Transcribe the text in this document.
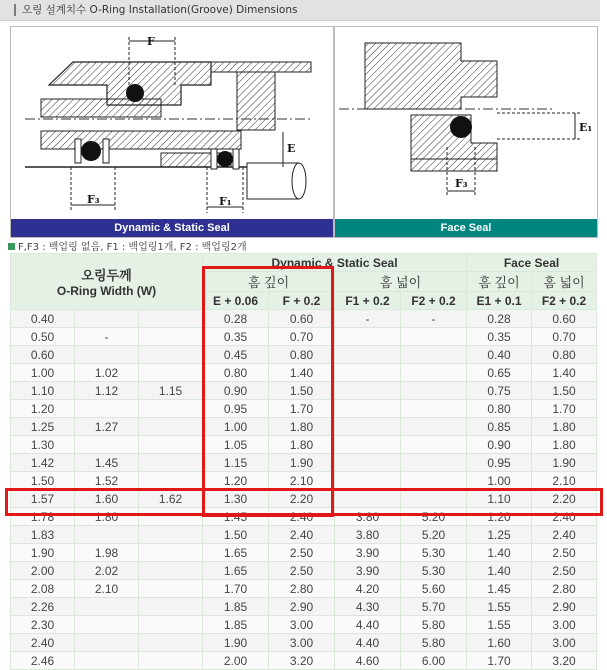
오링 설계치수 O-Ring Installation(Groove) Dimensions
F
E
F₃	F₁
Dynamic & Static Seal
E₁
F₃
Face Seal
F,F3 : 백업링 없음, F1 : 백업링1개, F2 : 백업링2개
오링두께
O-Ring Width (W)			Dynamic & Static Seal				Face Seal	
			홈 깊이		홈 넓이		홈 깊이	홈 넓이
			E + 0.06	F + 0.2	F1 + 0.2	F2 + 0.2	E1 + 0.1	F2 + 0.2
0.40			0.28	0.60	-	-	0.28	0.60
0.50	-		0.35	0.70			0.35	0.70
0.60			0.45	0.80			0.40	0.80
1.00	1.02		0.80	1.40			0.65	1.40
1.10	1.12	1.15	0.90	1.50			0.75	1.50
1.20			0.95	1.70			0.80	1.70
1.25	1.27		1.00	1.80			0.85	1.80
1.30			1.05	1.80			0.90	1.80
1.42	1.45		1.15	1.90			0.95	1.90
1.50	1.52		1.20	2.10			1.00	2.10
1.57	1.60	1.62	1.30	2.20			1.10	2.20
1.78	1.80		1.45	2.40	3.80	5.20	1.20	2.40
1.83			1.50	2.40	3.80	5.20	1.25	2.40
1.90	1.98		1.65	2.50	3.90	5.30	1.40	2.50
2.00	2.02		1.65	2.50	3.90	5.30	1.40	2.50
2.08	2.10		1.70	2.80	4.20	5.60	1.45	2.80
2.26			1.85	2.90	4.30	5.70	1.55	2.90
2.30			1.85	3.00	4.40	5.80	1.55	3.00
2.40			1.90	3.00	4.40	5.80	1.60	3.00
2.46			2.00	3.20	4.60	6.00	1.70	3.20
